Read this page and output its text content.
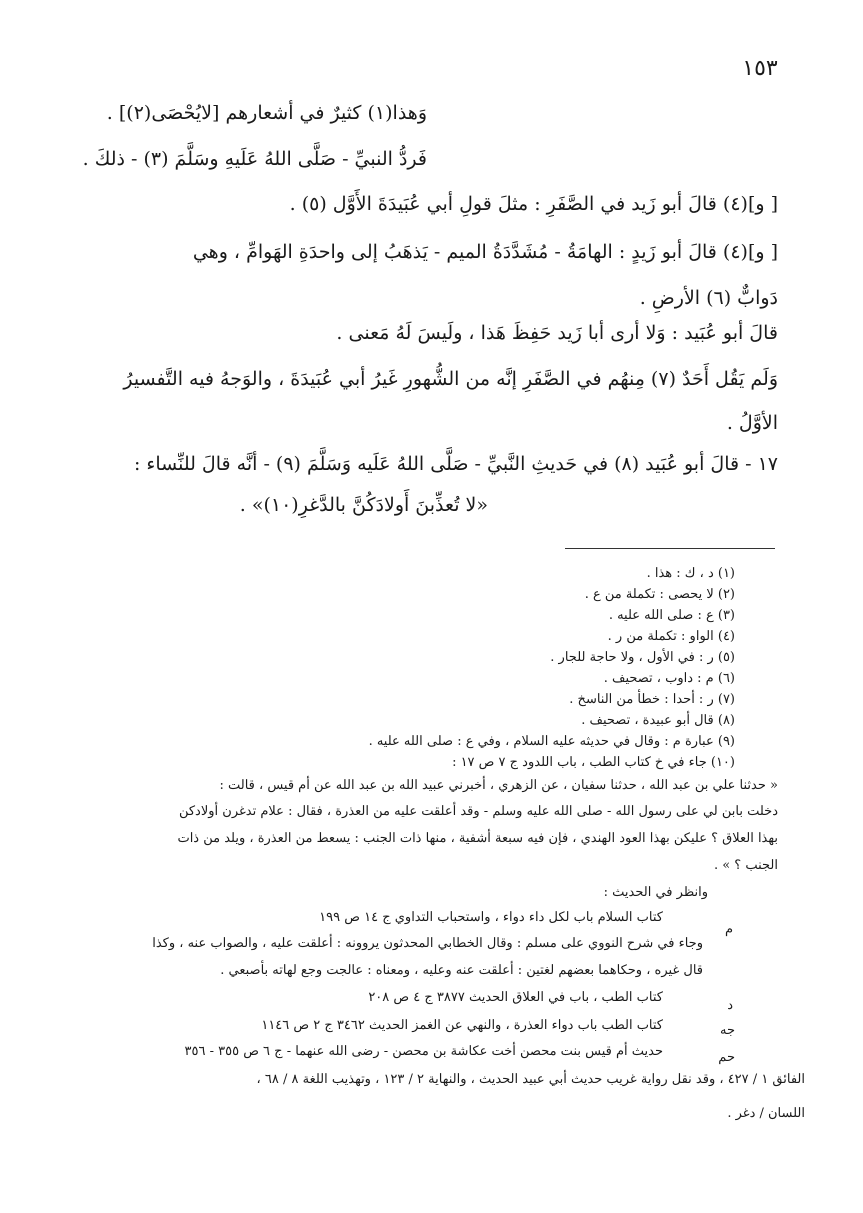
١٥٣
وَهذا(١) كثيرٌ في أشعارهم [لايُحْصَى(٢)] .
فَردُّ النبيِّ - صَلَّى اللهُ عَلَيهِ وسَلَّمَ (٣) - ذلكَ .
[ و](٤) قالَ أبو زَيد في الصَّفَرِ : مثلَ قولِ أبي عُبَيدَةَ الأَوَّل (٥) .
[ و](٤) قالَ أبو زَيدٍ : الهامَةُ - مُشَدَّدَةُ الميم - يَذهَبُ إلى واحدَةِ الهَوامِّ ، وهي
دَوابٌّ (٦) الأرضِ .
قالَ أبو عُبَيد : وَلا أرى أبا زَيد حَفِظَ هَذا ، ولَيسَ لَهُ مَعنى .
وَلَم يَقُل أَحَدٌ (٧) مِنهُم في الصَّفَرِ إنَّه من الشُّهورِ غَيرُ أبي عُبَيدَةَ ، والوَجهُ فيه التَّفسيرُ
الأوَّلُ .
١٧ - قالَ أبو عُبَيد (٨) في حَديثِ النَّبيِّ - صَلَّى اللهُ عَلَيه وَسَلَّمَ (٩) - أنَّه قالَ للنِّساء :
«لا تُعذِّبنَ أَولادَكُنَّ بالدَّغرِ(١٠)» .
(١) د ، ك : هذا .
(٢) لا يحصى : تكملة من ع .
(٣) ع : صلى الله عليه .
(٤) الواو : تكملة من ر .
(٥) ر : في الأول ، ولا حاجة للجار .
(٦) م : داوب ، تصحيف .
(٧) ر : أحدا : خطأ من الناسخ .
(٨) قال أبو عبيدة ، تصحيف .
(٩) عبارة م : وقال في حديثه عليه السلام ، وفي ع : صلى الله عليه .
(١٠) جاء في خ كتاب الطب ، باب اللدود ج ٧ ص ١٧ :
« حدثنا علي بن عبد الله ، حدثنا سفيان ، عن الزهري ، أخبرني عبيد الله بن عبد الله عن أم قيس ، قالت :
دخلت بابن لي على رسول الله - صلى الله عليه وسلم - وقد أعلقت عليه من العذرة ، فقال : علام تدغرن أولادكن
بهذا العلاق ؟ عليكن بهذا العود الهندي ، فإن فيه سبعة أشفية ، منها ذات الجنب : يسعط من العذرة ، ويلد من ذات
الجنب ؟ » .
وانظر في الحديث :
م
د
جه
حم
كتاب السلام باب لكل داء دواء ، واستحباب التداوي ج ١٤ ص ١٩٩
وجاء في شرح النووي على مسلم : وقال الخطابي المحدثون يروونه : أعلقت عليه ، والصواب عنه ، وكذا
قال غيره ، وحكاهما بعضهم لغتين : أعلقت عنه وعليه ، ومعناه : عالجت وجع لهاته بأصبعي .
كتاب الطب ، باب في العلاق الحديث ٣٨٧٧ ج ٤ ص ٢٠٨
كتاب الطب باب دواء العذرة ، والنهي عن الغمز الحديث ٣٤٦٢ ج ٢ ص ١١٤٦
حديث أم قيس بنت محصن أخت عكاشة بن محصن - رضى الله عنهما - ج ٦ ص ٣٥٥ - ٣٥٦
الفائق ١ / ٤٢٧ ، وقد نقل رواية غريب حديث أبي عبيد الحديث ، والنهاية ٢ / ١٢٣ ، وتهذيب اللغة ٨ / ٦٨ ،
اللسان / دغر .
